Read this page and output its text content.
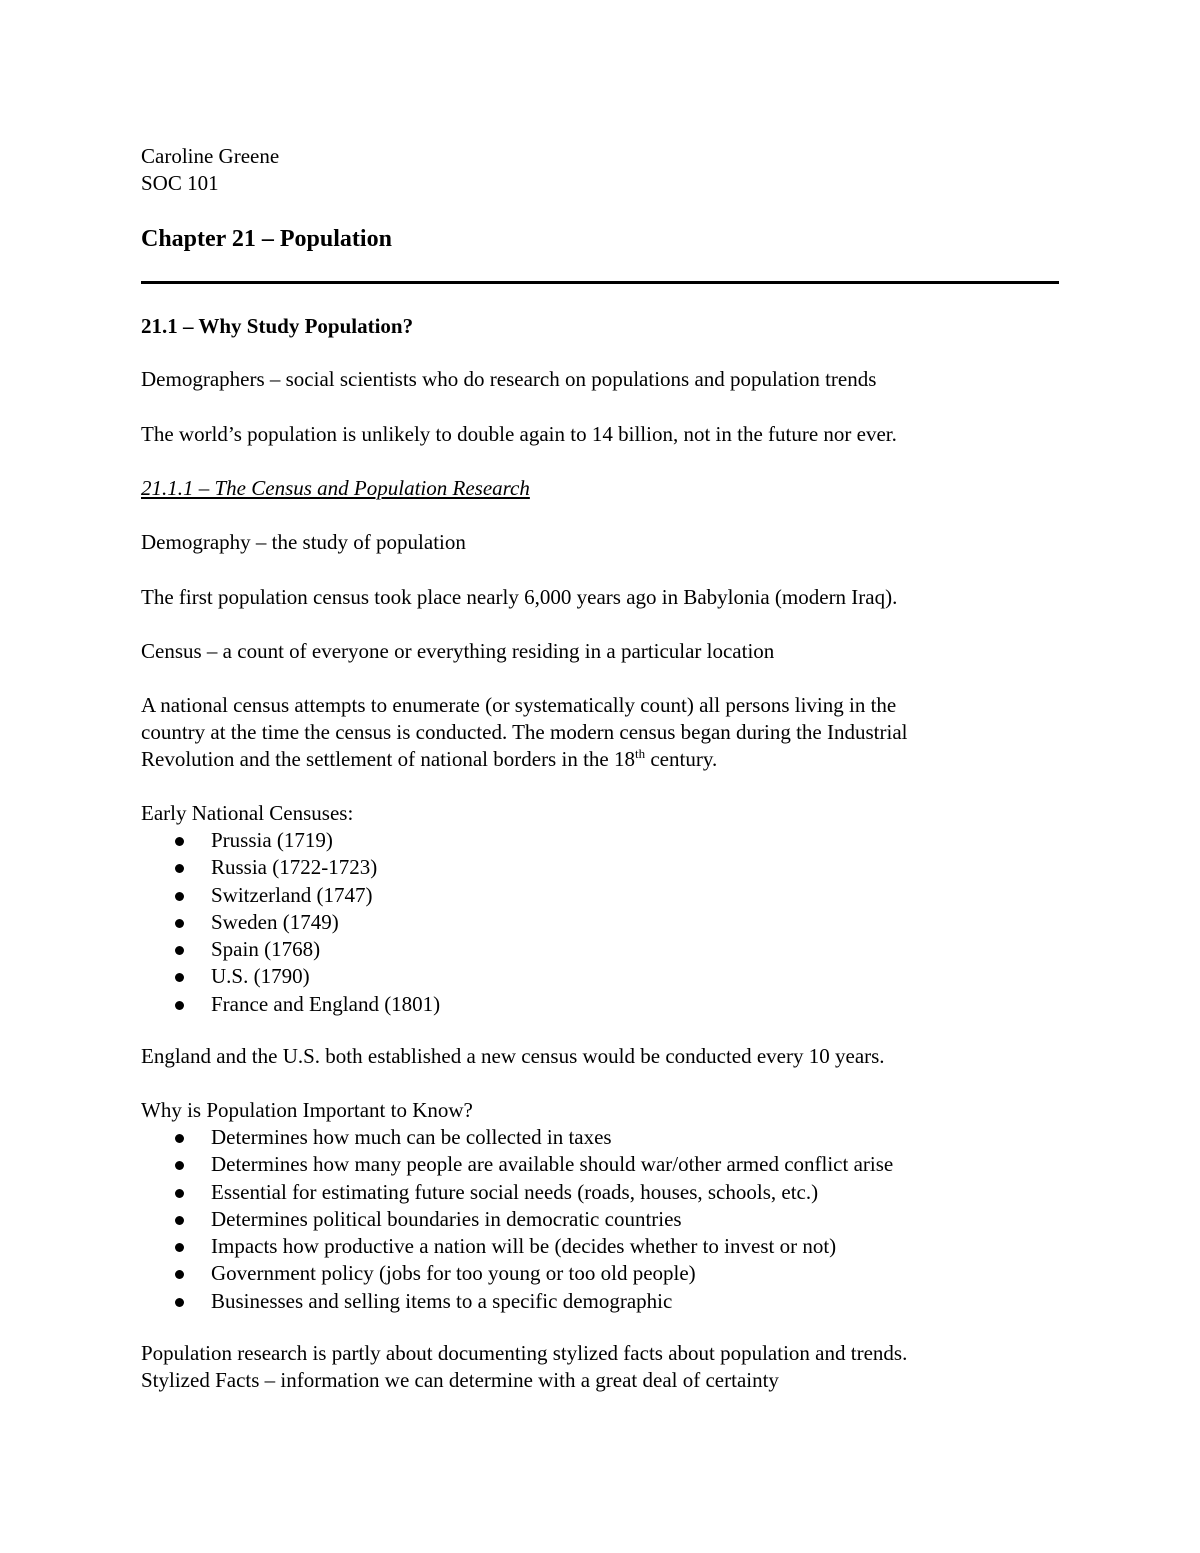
Caroline Greene
SOC 101
Chapter 21 – Population
21.1 – Why Study Population?
Demographers – social scientists who do research on populations and population trends
The world’s population is unlikely to double again to 14 billion, not in the future nor ever.
21.1.1 – The Census and Population Research
Demography – the study of population
The first population census took place nearly 6,000 years ago in Babylonia (modern Iraq).
Census – a count of everyone or everything residing in a particular location
A national census attempts to enumerate (or systematically count) all persons living in the
country at the time the census is conducted. The modern census began during the Industrial
Revolution and the settlement of national borders in the 18th century.
Early National Censuses:
Prussia (1719)
Russia (1722-1723)
Switzerland (1747)
Sweden (1749)
Spain (1768)
U.S. (1790)
France and England (1801)
England and the U.S. both established a new census would be conducted every 10 years.
Why is Population Important to Know?
Determines how much can be collected in taxes
Determines how many people are available should war/other armed conflict arise
Essential for estimating future social needs (roads, houses, schools, etc.)
Determines political boundaries in democratic countries
Impacts how productive a nation will be (decides whether to invest or not)
Government policy (jobs for too young or too old people)
Businesses and selling items to a specific demographic
Population research is partly about documenting stylized facts about population and trends.
Stylized Facts – information we can determine with a great deal of certainty
